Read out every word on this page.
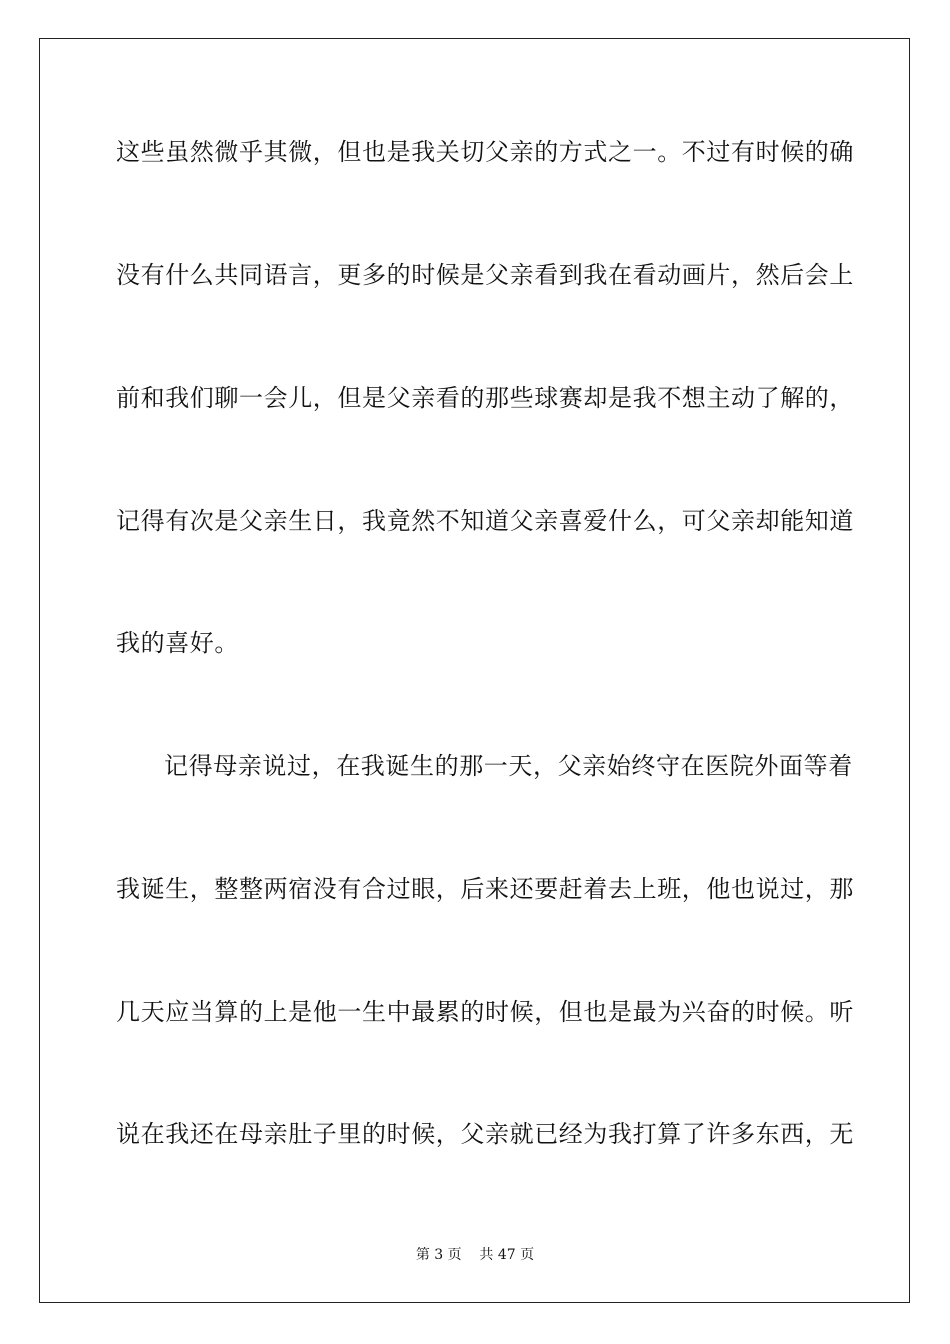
这些虽然微乎其微，但也是我关切父亲的方式之一。不过有时候的确
没有什么共同语言，更多的时候是父亲看到我在看动画片，然后会上
前和我们聊一会儿，但是父亲看的那些球赛却是我不想主动了解的，
记得有次是父亲生日，我竟然不知道父亲喜爱什么，可父亲却能知道
我的喜好。
记得母亲说过，在我诞生的那一天，父亲始终守在医院外面等着
我诞生，整整两宿没有合过眼，后来还要赶着去上班，他也说过，那
几天应当算的上是他一生中最累的时候，但也是最为兴奋的时候。听
说在我还在母亲肚子里的时候，父亲就已经为我打算了许多东西，无
第 3 页    共 47 页
